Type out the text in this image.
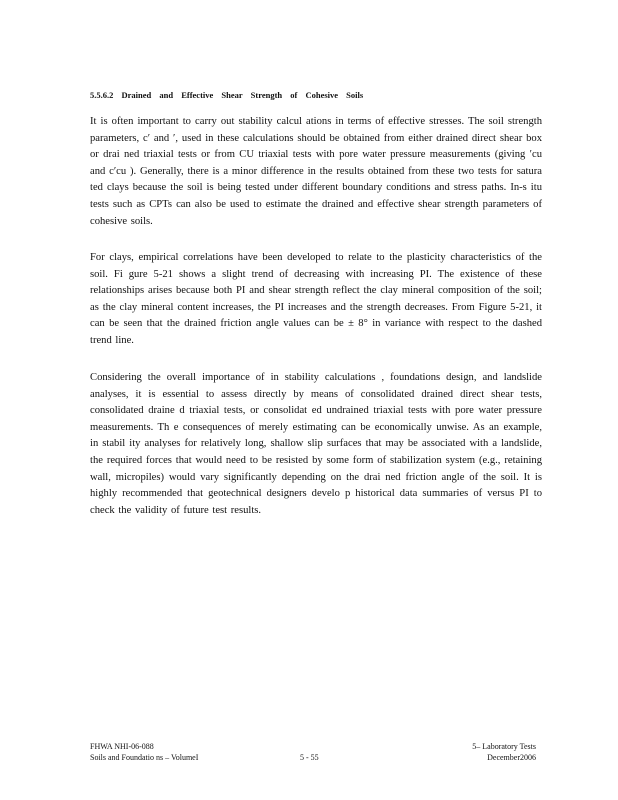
5.5.6.2 Drained and Effective Shear Strength of Cohesive Soils

It is often important to carry out stability calcul ations in terms of effective stresses. The soil strength parameters, c′ and ′, used in these calculations should be obtained from either drained direct shear box or drai ned triaxial tests or from CU triaxial tests with pore water pressure measurements (giving ′cu and c′cu ). Generally, there is a minor difference in the results obtained from these two tests for satura ted clays because the soil is being tested under different boundary conditions and stress paths. In-s itu tests such as CPTs can also be used to estimate the drained and effective shear strength parameters of cohesive soils.

For clays, empirical correlations have been developed to relate to the plasticity characteristics of the soil. Fi gure 5-21 shows a slight trend of decreasing with increasing PI. The existence of these relationships arises because both PI and shear strength reflect the clay mineral composition of the soil; as the clay mineral content increases, the PI increases and the strength decreases. From Figure 5-21, it can be seen that the drained friction angle values can be ± 8° in variance with respect to the dashed trend line.

Considering the overall importance of in stability calculations , foundations design, and landslide analyses, it is essential to assess directly by means of consolidated drained direct shear tests, consolidated draine d triaxial tests, or consolidat ed undrained triaxial tests with pore water pressure measurements. Th e consequences of merely estimating can be economically unwise. As an example, in stabil ity analyses for relatively long, shallow slip surfaces that may be associated with a landslide, the required forces that would need to be resisted by some form of stabilization system (e.g., retaining wall, micropiles) would vary significantly depending on the drai ned friction angle of the soil. It is highly recommended that geotechnical designers develo p historical data summaries of versus PI to check the validity of future test results.

FHWA NHI-06-088
Soils and Foundatio ns – VolumeI	5 - 55
5– Laboratory Tests
December2006
